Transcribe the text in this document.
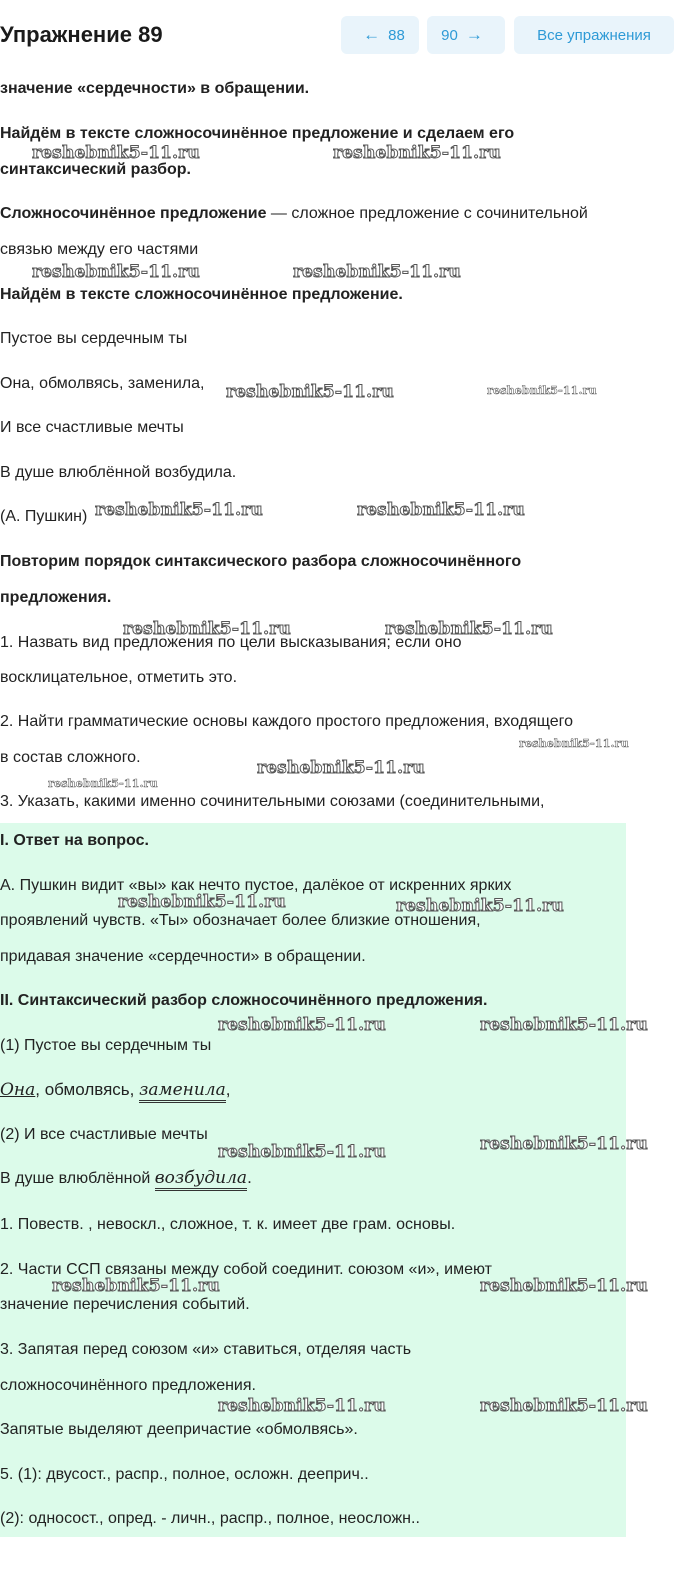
Упражнение 89	← 88 90 →	Все упражнения
значение «сердечности» в обращении.
Найдём в тексте сложносочинённое предложение и сделаем его
синтаксический разбор.
Сложносочинённое предложение — сложное предложение с сочинительной
связью между его частями
Найдём в тексте сложносочинённое предложение.
Пустое вы сердечным ты
Она, обмолвясь, заменила,
И все счастливые мечты
В душе влюблённой возбудила.
(А. Пушкин)
Повторим порядок синтаксического разбора сложносочинённого
предложения.
1. Назвать вид предложения по цели высказывания; если оно
восклицательное, отметить это.
2. Найти грамматические основы каждого простого предложения, входящего
в состав сложного.
3. Указать, какими именно сочинительными союзами (соединительными,
I. Ответ на вопрос.
А. Пушкин видит «вы» как нечто пустое, далёкое от искренних ярких
проявлений чувств. «Ты» обозначает более близкие отношения,
придавая значение «сердечности» в обращении.
II. Синтаксический разбор сложносочинённого предложения.
(1) Пустое вы сердечным ты
Она, обмолвясь, заменила,
(2) И все счастливые мечты
В душе влюблённой возбудила.
1. Повеств. , невоскл., сложное, т. к. имеет две грам. основы.
2. Части ССП связаны между собой соединит. союзом «и», имеют
значение перечисления событий.
3. Запятая перед союзом «и» ставиться, отделяя часть
сложносочинённого предложения.
Запятые выделяют деепричастие «обмолвясь».
5. (1): двусост., распр., полное, осложн. дееприч..
(2): односост., опред. - личн., распр., полное, неосложн..
reshebnik5-11.ru	reshebnik5-11.ru
reshebnik5-11.ru	reshebnik5-11.ru
reshebnik5-11.ru	reshebnik5-11.ru
reshebnik5-11.ru	reshebnik5-11.ru
reshebnik5-11.ru	reshebnik5-11.ru
reshebnik5-11.ru
reshebnik5-11.ru
reshebnik5-11.ru
reshebnik5-11.ru	reshebnik5-11.ru
reshebnik5-11.ru	reshebnik5-11.ru
reshebnik5-11.ru	reshebnik5-11.ru
reshebnik5-11.ru	reshebnik5-11.ru
reshebnik5-11.ru	reshebnik5-11.ru
